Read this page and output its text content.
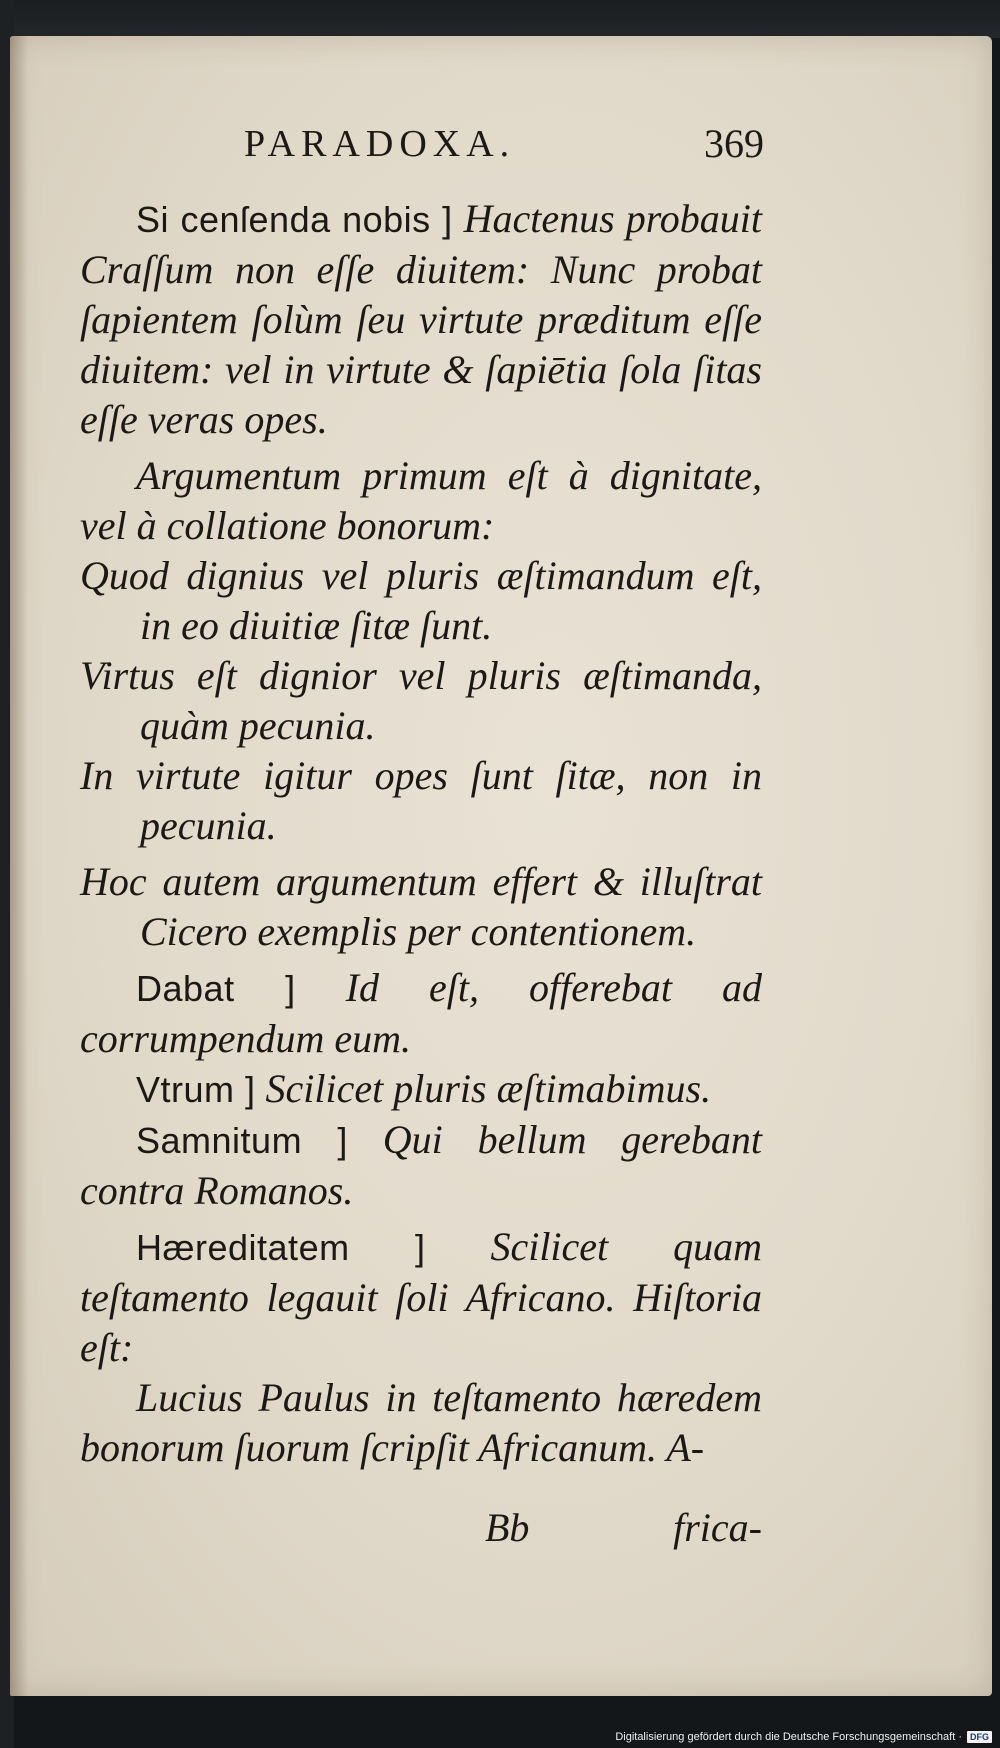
PARADOXA.	369

Si cenſenda nobis ] Hactenus probauit Craſſum non eſſe diuitem: Nunc probat ſapientem ſolùm ſeu virtute præditum eſſe diuitem: vel in virtute & ſapiētia ſola ſitas eſſe veras opes.

Argumentum primum eſt à dignitate, vel à collatione bonorum:

Quod dignius vel pluris æſtimandum eſt, in eo diuitiæ ſitæ ſunt.

Virtus eſt dignior vel pluris æſtimanda, quàm pecunia.

In virtute igitur opes ſunt ſitæ, non in pecunia.

Hoc autem argumentum effert & illuſtrat Cicero exemplis per contentionem.

Dabat ] Id eſt, offerebat ad corrumpendum eum.

Vtrum ] Scilicet pluris æſtimabimus.

Samnitum ] Qui bellum gerebant contra Romanos.

Hæreditatem ] Scilicet quam teſtamento legauit ſoli Africano. Hiſtoria eſt:

Lucius Paulus in teſtamento hæredem bonorum ſuorum ſcripſit Africanum. A-

Bb	frica-
Digitalisierung gefördert durch die Deutsche Forschungsgemeinschaft · DFG
